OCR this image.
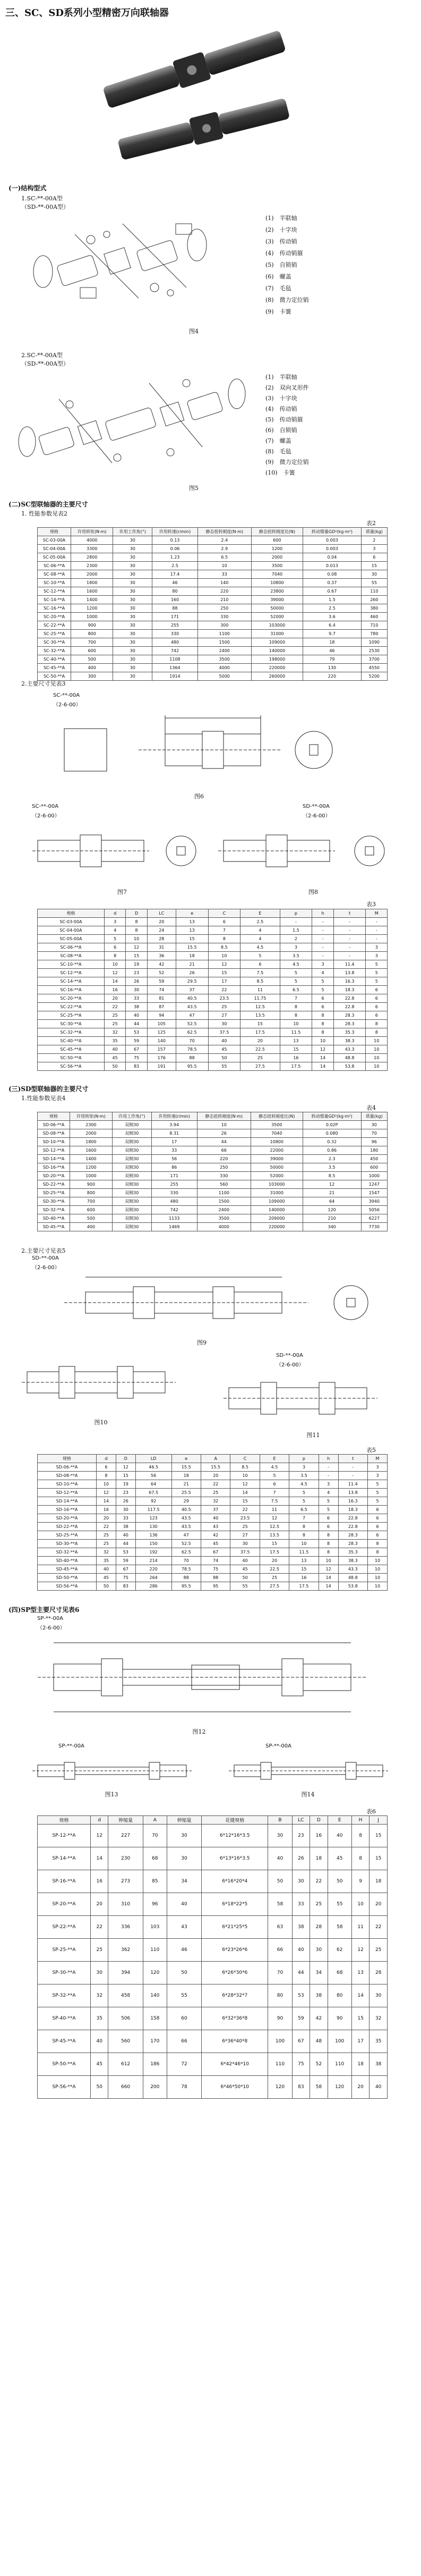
三、SC、SD系列小型精密万向联轴器
(一)结构型式
1.SC-**-00A型
（SD-**-00A型）
(1)　半联轴
(2)　十字块
(3)　传动销
(4)　传动销箍
(5)　自锁销
(6)　螺盖
(7)　毛毡
(8)　微力定位销
(9)　卡簧
图4
2.SC-**-00A型
（SD-**-00A型）
(1)　半联轴
(2)　双向叉形件
(3)　十字块
(4)　传动销
(5)　传动销箍
(6)　自锁销
(7)　螺盖
(8)　毛毡
(9)　微力定位销
(10)　卡簧
图5
(二)SC型联轴器的主要尺寸
1. 性能参数见表2
表2
规格	许用转矩(N·m)	许用工作角(°)	许用转速(r/min)	静态扭转刚度(N·m)	静态扭转刚度比(N)	转动惯量GD²(kg·m²)	质量(kg)
SC-03-00A	4000	30	0.13	2.4	600	0.003	2
SC-04-00A	3300	30	0.06	2.9	1200	0.003	3
SC-05-00A	2800	30	1.23	6.5	2000	0.04	6
SC-06-**A	2300	30	2.5	10	3500	0.013	15
SC-08-**A	2000	30	17.4	33	7040	0.08	30
SC-10-**A	1800	30	46	140	10800	0.37	55
SC-12-**A	1600	30	80	220	23800	0.67	110
SC-14-**A	1400	30	160	210	39000	1.5	260
SC-16-**A	1200	30	88	250	50000	2.5	380
SC-20-**A	1000	30	171	330	52000	3.6	460
SC-22-**A	900	30	255	300	103000	6.4	710
SC-25-**A	800	30	330	1100	31000	9.7	780
SC-30-**A	700	30	480	1500	109000	18	1090
SC-32-**A	600	30	742	2400	140000	46	2530
SC-40-**A	500	30	1108	3500	198000	79	3700
SC-45-**A	400	30	1364	4000	220000	130	4550
SC-50-**A	300	30	1914	5000	260000	220	5200
2.主要尺寸见表3
SC-**-00A
（2-6-00）
图6
SC-**-00A
（2-6-00）
SD-**-00A
（2-6-00）
图7	图8
表3
规格	d	D	LC	e	C	E	p	h	t	M
SC-03-00A	3	8	20	13	6	2.5	-	-	-	-
SC-04-00A	4	8	24	13	7	4	1.5	-	-	-
SC-05-00A	5	10	28	15	8	4	2	-	-	-
SC-06-**A	6	12	31	15.5	8.5	4.5	3	-	-	3
SC-08-**A	8	15	36	18	10	5	3.5	-	-	3
SC-10-**A	10	19	42	21	12	6	4.5	3	11.4	5
SC-12-**A	12	23	52	26	15	7.5	5	4	13.8	5
SC-14-**A	14	26	59	29.5	17	8.5	5	5	16.3	5
SC-16-**A	16	30	74	37	22	11	6.5	5	18.3	6
SC-20-**A	20	33	81	40.5	23.5	11.75	7	6	22.8	6
SC-22-**A	22	38	87	43.5	25	12.5	8	6	22.8	6
SC-25-**A	25	40	94	47	27	13.5	8	8	28.3	6
SC-30-**A	25	44	105	52.5	30	15	10	8	28.3	8
SC-32-**A	32	53	125	62.5	37.5	17.5	11.5	8	35.3	8
SC-40-**A	35	59	140	70	40	20	13	10	38.3	10
SC-45-**A	40	67	157	78.5	45	22.5	15	12	43.3	10
SC-50-**A	45	75	176	88	50	25	16	14	48.8	10
SC-56-**A	50	83	191	95.5	55	27.5	17.5	14	53.8	10
(三)SD型联轴器的主要尺寸
1.性能参数见表4
表4
规格	许用转矩(N·m)	许用工作角(°)	许用转速(r/min)	静态扭转刚度(N·m)	静态扭转刚度比(N)	转动惯量GD²(kg·m²)	质量(kg)
SD-06-**A	2300	双侧30	3.94	10	3500	0.02P	30
SD-08-**A	2000	双侧30	8.31	26	7040	0.080	70
SD-10-**A	1800	双侧30	17	44	10800	0.32	96
SD-12-**A	1600	双侧30	33	66	22000	0.86	180
SD-14-**A	1400	双侧30	56	220	39000	2.3	450
SD-16-**A	1200	双侧30	86	250	50000	3.5	600
SD-20-**A	1000	双侧30	171	330	52000	8.5	1000
SD-22-**A	900	双侧30	255	560	103000	12	1247
SD-25-**A	800	双侧30	330	1100	31000	21	1547
SD-30-**A	700	双侧30	480	1500	109000	64	3940
SD-32-**A	600	双侧30	742	2400	140000	120	5056
SD-40-**A	500	双侧30	1133	3500	209000	210	6227
SD-45-**A	400	双侧30	1469	4000	220000	340	7730
2.主要尺寸见表5
SD-**-00A
（2-6-00）
图9
SD-**-00A
（2-6-00）
图10
图11
表5
规格	d	D	LD	e	A	C	E	p	h	t	M
SD-06-**A	6	12	46.5	15.5	15.5	8.5	4.5	3	-	-	3
SD-08-**A	8	15	56	18	20	10	5	3.5	-	-	3
SD-10-**A	10	19	64	21	22	12	6	4.5	3	11.4	5
SD-12-**A	12	23	67.5	25.5	25	14	7	5	4	13.8	5
SD-14-**A	14	26	92	29	32	15	7.5	5	5	16.3	5
SD-16-**A	16	30	117.5	40.5	37	22	11	6.5	5	18.3	6
SD-20-**A	20	33	123	43.5	40	23.5	12	7	6	22.8	6
SD-22-**A	22	38	130	43.5	43	25	12.5	8	6	22.8	6
SD-25-**A	25	40	136	47	42	27	13.5	8	8	28.3	6
SD-30-**A	25	44	150	52.5	45	30	15	10	8	28.3	8
SD-32-**A	32	53	192	62.5	67	37.5	17.5	11.5	8	35.3	8
SD-40-**A	35	59	214	70	74	40	20	13	10	38.3	10
SD-45-**A	40	67	220	78.5	75	45	22.5	15	12	43.3	10
SD-50-**A	45	75	264	88	88	50	25	16	14	48.8	10
SD-56-**A	50	83	286	95.5	95	55	27.5	17.5	14	53.8	10
(四)SP型主要尺寸见表6
SP-**-00A
（2-6-00）
图12
SP-**-00A	SP-**-00A
图13	图14
表6
规格	d	伸缩量	A	伸缩量	花键规格	B	LC	D	E	H	J
SP-12-**A	12	227	70	30	6*12*16*3.5	30	23	16	40	8	15
SP-14-**A	14	230	68	30	6*13*16*3.5	40	26	18	45	8	15
SP-16-**A	16	273	85	34	6*16*20*4	50	30	22	50	9	18
SP-20-**A	20	310	96	40	6*18*22*5	58	33	25	55	10	20
SP-22-**A	22	336	103	43	6*21*25*5	63	38	28	58	11	22
SP-25-**A	25	362	110	46	6*23*26*6	66	40	30	62	12	25
SP-30-**A	30	394	120	50	6*26*30*6	70	44	34	68	13	28
SP-32-**A	32	458	140	55	6*28*32*7	80	53	38	80	14	30
SP-40-**A	35	506	158	60	6*32*36*8	90	59	42	90	15	32
SP-45-**A	40	560	170	66	6*36*40*8	100	67	48	100	17	35
SP-50-**A	45	612	186	72	6*42*46*10	110	75	52	110	18	38
SP-56-**A	50	660	200	78	6*46*50*10	120	83	58	120	20	40
